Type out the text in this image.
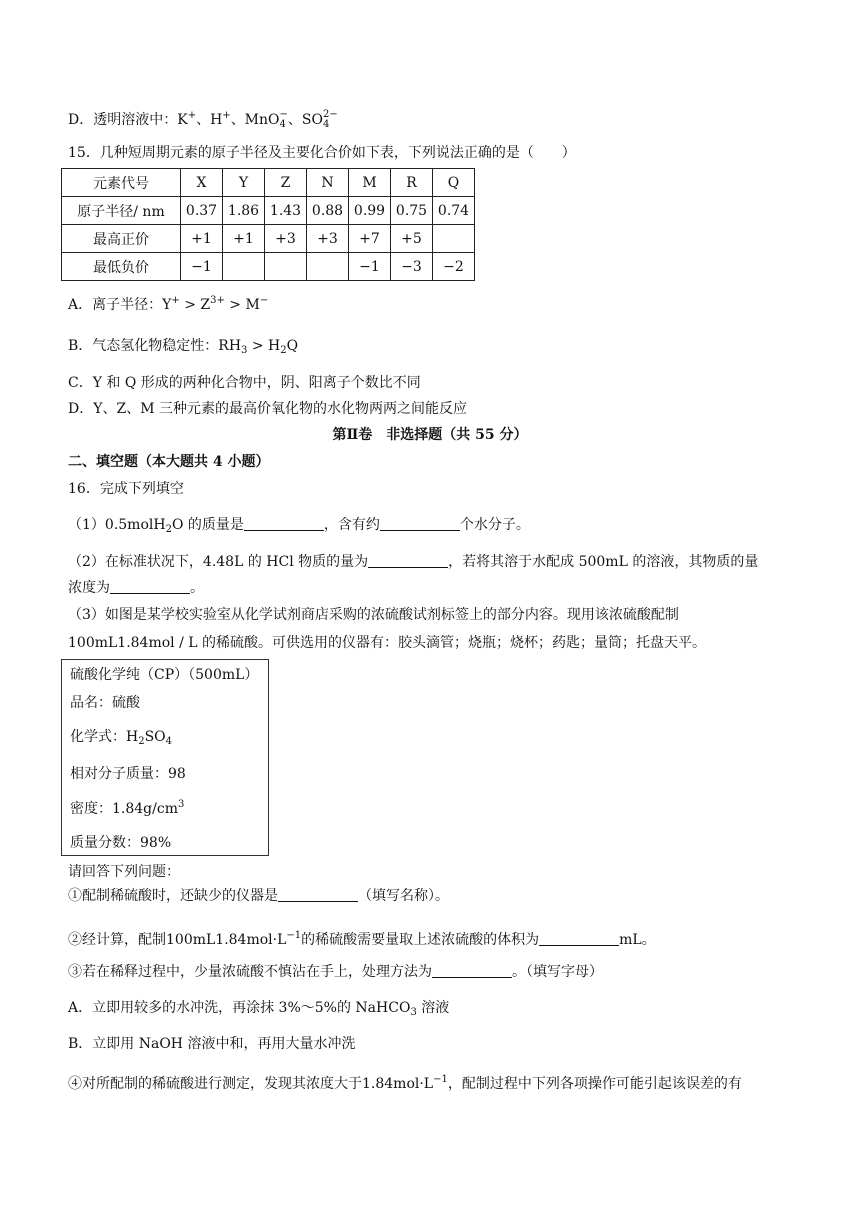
D．透明溶液中：K+、H+、MnO −
4 、SO 2−
4
15．几种短周期元素的原子半径及主要化合价如下表，下列说法正确的是（　　）
元素代号	X	Y	Z	N	M	R	Q
原子半径/ nm	0.37	1.86	1.43	0.88	0.99	0.75	0.74
最高正价	+1	+1	+3	+3	+7	+5	
最低负价	−1				−1	−3	−2
A．离子半径：$Y^+ > Z^{3+} > M^-$
B．气态氢化物稳定性：$RH_3 > H_2Q$
C．Y 和 Q 形成的两种化合物中，阴、阳离子个数比不同
D．Y、Z、M 三种元素的最高价氧化物的水化物两两之间能反应
第Ⅱ卷　非选择题（共 55 分）
二、填空题（本大题共 4 小题）
16．完成下列填空
（1）0.5molH$_2$O 的质量是	，含有约	个水分子。
（2）在标准状况下，4.48L 的 HCl 物质的量为	，若将其溶于水配成 500mL 的溶液，其物质的量
浓度为	。
（3）如图是某学校实验室从化学试剂商店采购的浓硫酸试剂标签上的部分内容。现用该浓硫酸配制
100mL1.84mol / L 的稀硫酸。可供选用的仪器有：胶头滴管；烧瓶；烧杯；药匙；量筒；托盘天平。
硫酸化学纯（CP）（500mL）
品名：硫酸
化学式：$H_2SO_4$
相对分子质量：98
密度：$1.84g/cm^3$
质量分数：98%
请回答下列问题：
①配制稀硫酸时，还缺少的仪器是	（填写名称）。
②经计算，配制$100mL1.84mol\cdot L^{-1}$的稀硫酸需要量取上述浓硫酸的体积为	mL。
③若在稀释过程中，少量浓硫酸不慎沾在手上，处理方法为	。（填写字母）
A．立即用较多的水冲洗，再涂抹 3%～5%的 NaHCO$_3$ 溶液
B．立即用 NaOH 溶液中和，再用大量水冲洗
④对所配制的稀硫酸进行测定，发现其浓度大于$1.84mol\cdot L^{-1}$，配制过程中下列各项操作可能引起该误差的有
